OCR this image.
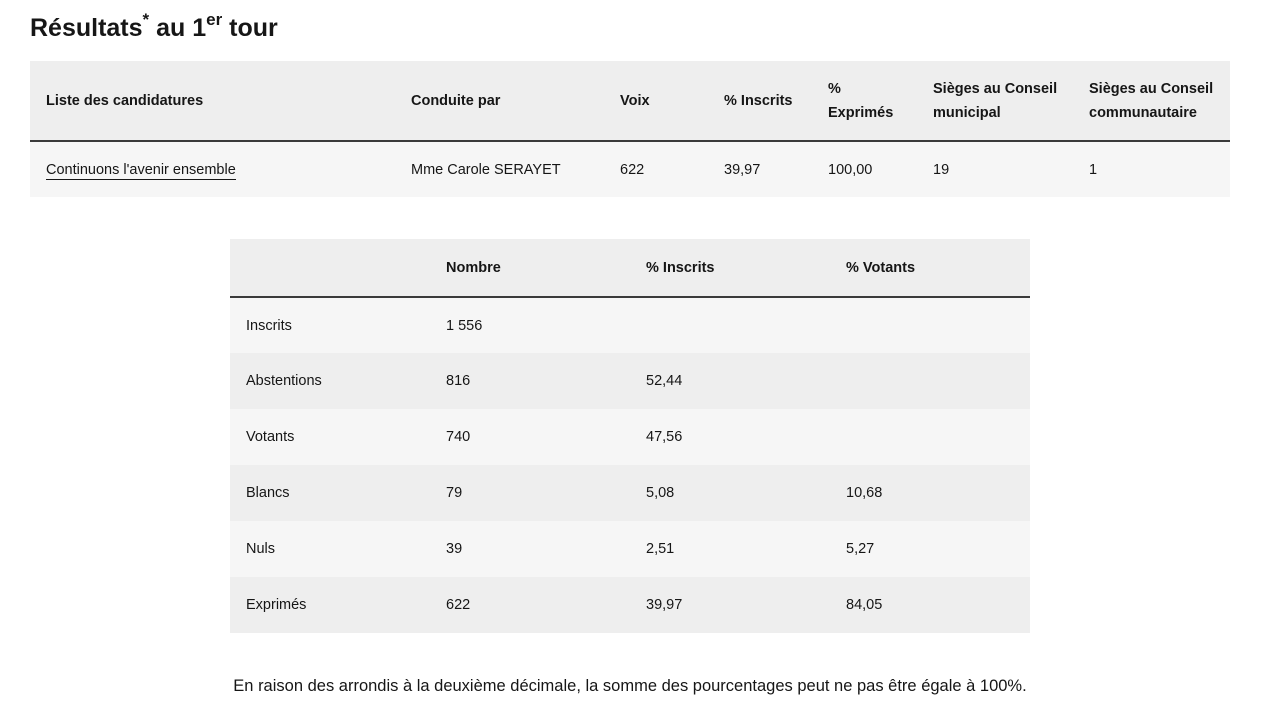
Résultats* au 1er tour
Liste des candidatures	Conduite par	Voix	% Inscrits	% Exprimés	Sièges au Conseil municipal	Sièges au Conseil communautaire
Continuons l'avenir ensemble	Mme Carole SERAYET	622	39,97	100,00	19	1
	Nombre	% Inscrits	% Votants
Inscrits	1 556		
Abstentions	816	52,44	
Votants	740	47,56	
Blancs	79	5,08	10,68
Nuls	39	2,51	5,27
Exprimés	622	39,97	84,05

En raison des arrondis à la deuxième décimale, la somme des pourcentages peut ne pas être égale à 100%.
